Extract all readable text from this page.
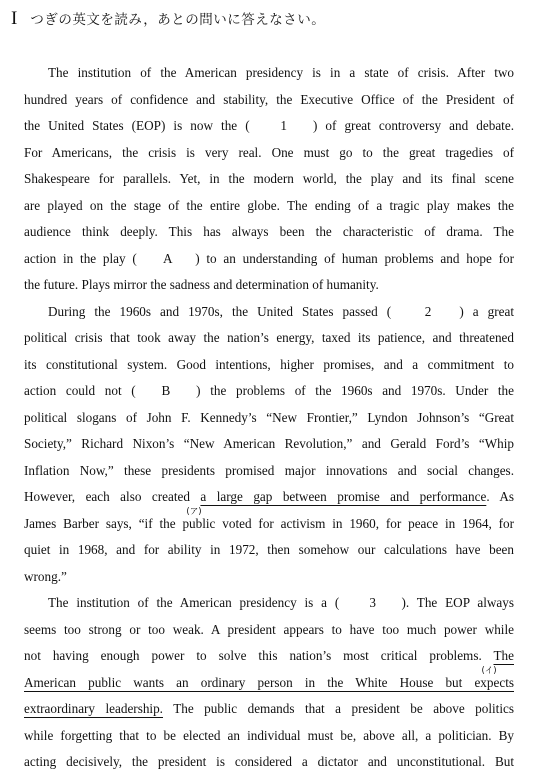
I つぎの英文を読み，あとの問いに答えなさい。
The institution of the American presidency is in a state of crisis. After two
hundred years of confidence and stability, the Executive Office of the President of
the United States (EOP) is now the (　 1 　) of great controversy and debate.
For Americans, the crisis is very real. One must go to the great tragedies of
Shakespeare for parallels. Yet, in the modern world, the play and its final scene
are played on the stage of the entire globe. The ending of a tragic play makes the
audience think deeply. This has always been the characteristic of drama. The
action in the play (　 A 　) to an understanding of human problems and hope for
the future. Plays mirror the sadness and determination of humanity.
During the 1960s and 1970s, the United States passed (　 2 　) a great
political crisis that took away the nation’s energy, taxed its patience, and threatened
its constitutional system. Good intentions, higher promises, and a commitment to
action could not (　B　) the problems of the 1960s and 1970s. Under the
political slogans of John F. Kennedy’s “New Frontier,” Lyndon Johnson’s “Great
Society,” Richard Nixon’s “New American Revolution,” and Gerald Ford’s “Whip
Inflation Now,” these presidents promised major innovations and social changes.
However, each also created a large gap between promise and performance
(ア)
. As
James Barber says, “if the public voted for activism in 1960, for peace in 1964, for
quiet in 1968, and for ability in 1972, then somehow our calculations have been
wrong.”
The institution of the American presidency is a (　 3 　). The EOP always
seems too strong or too weak. A president appears to have too much power while
not having enough power to solve this nation’s most critical problems. The
(イ)
American public wants an ordinary person in the White House but expects
extraordinary leadership. The public demands that a president be above politics
while forgetting that to be elected an individual must be, above all, a politician. By
acting decisively, the president is considered a dictator and unconstitutional. But
